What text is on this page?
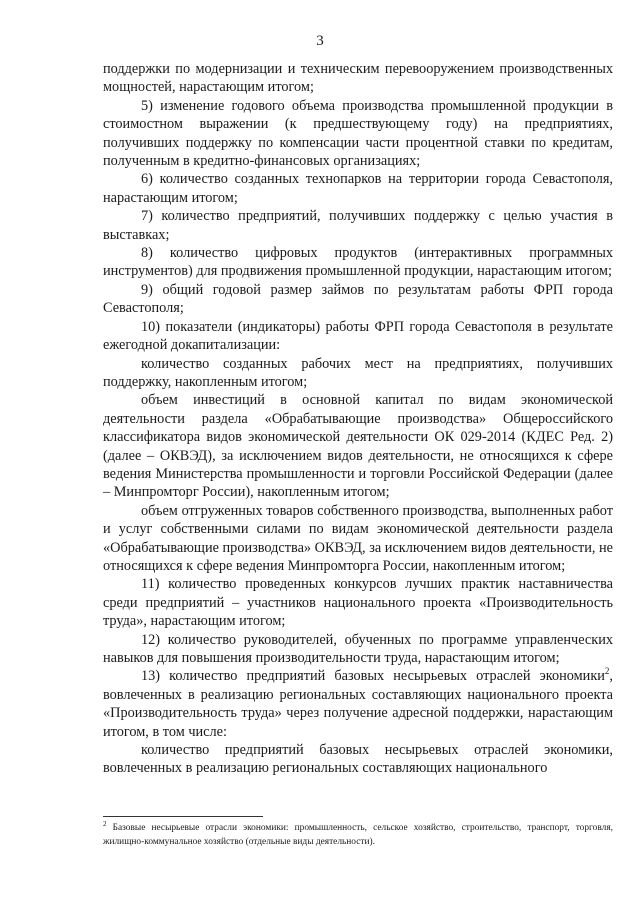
3

поддержки по модернизации и техническим перевооружением производственных мощностей, нарастающим итогом;

5) изменение годового объема производства промышленной продукции в стоимостном выражении (к предшествующему году) на предприятиях, получивших поддержку по компенсации части процентной ставки по кредитам, полученным в кредитно-финансовых организациях;

6) количество созданных технопарков на территории города Севастополя, нарастающим итогом;

7) количество предприятий, получивших поддержку с целью участия в выставках;

8) количество цифровых продуктов (интерактивных программных инструментов) для продвижения промышленной продукции, нарастающим итогом;

9) общий годовой размер займов по результатам работы ФРП города Севастополя;

10) показатели (индикаторы) работы ФРП города Севастополя в результате ежегодной докапитализации:

количество созданных рабочих мест на предприятиях, получивших поддержку, накопленным итогом;

объем инвестиций в основной капитал по видам экономической деятельности раздела «Обрабатывающие производства» Общероссийского классификатора видов экономической деятельности ОК 029-2014 (КДЕС Ред. 2) (далее – ОКВЭД), за исключением видов деятельности, не относящихся к сфере ведения Министерства промышленности и торговли Российской Федерации (далее – Минпромторг России), накопленным итогом;

объем отгруженных товаров собственного производства, выполненных работ и услуг собственными силами по видам экономической деятельности раздела «Обрабатывающие производства» ОКВЭД, за исключением видов деятельности, не относящихся к сфере ведения Минпромторга России, накопленным итогом;

11) количество проведенных конкурсов лучших практик наставничества среди предприятий – участников национального проекта «Производительность труда», нарастающим итогом;

12) количество руководителей, обученных по программе управленческих навыков для повышения производительности труда, нарастающим итогом;

13) количество предприятий базовых несырьевых отраслей экономики$^2$, вовлеченных в реализацию региональных составляющих национального проекта «Производительность труда» через получение адресной поддержки, нарастающим итогом, в том числе:

количество предприятий базовых несырьевых отраслей экономики, вовлеченных в реализацию региональных составляющих национального

$^2$ Базовые несырьевые отрасли экономики: промышленность, сельское хозяйство, строительство, транспорт, торговля, жилищно-коммунальное хозяйство (отдельные виды деятельности).
